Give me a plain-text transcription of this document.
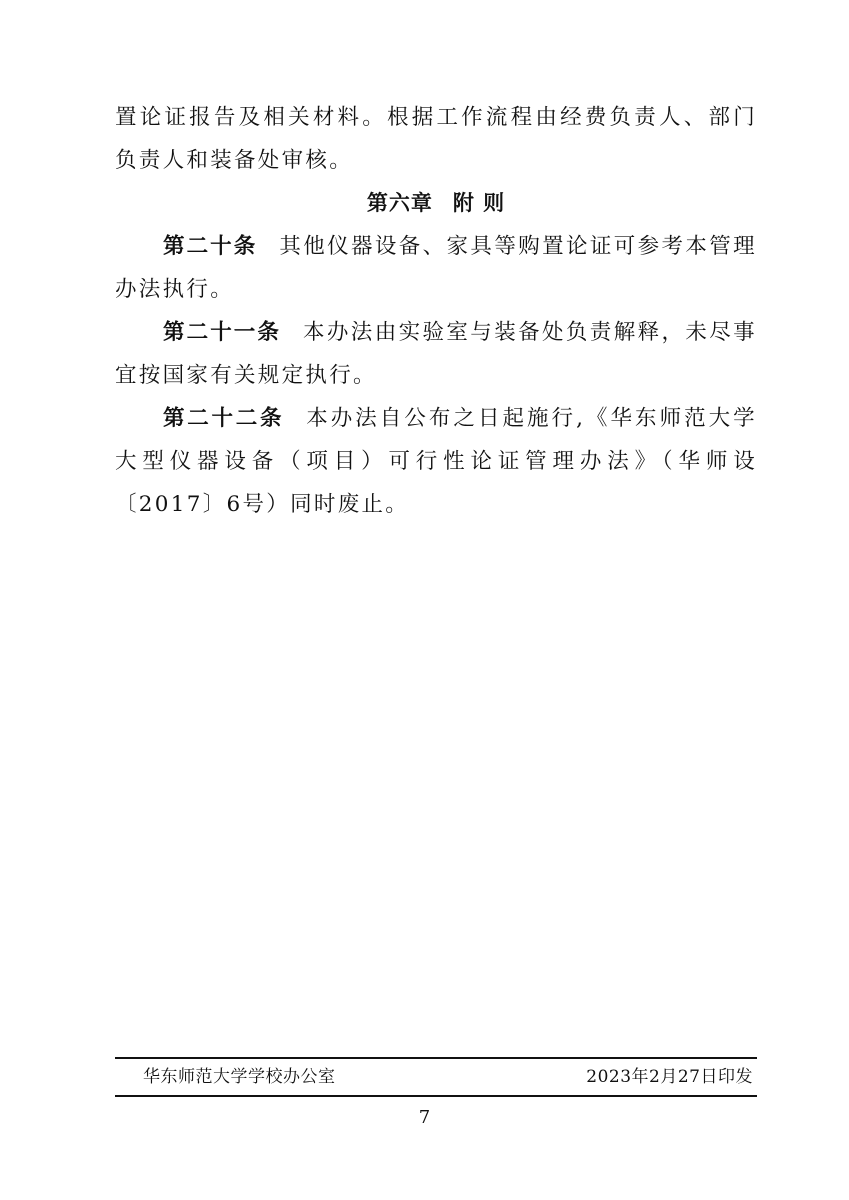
置论证报告及相关材料。根据工作流程由经费负责人、部门负责人和装备处审核。

第六章 附 则

第二十条 其他仪器设备、家具等购置论证可参考本管理办法执行。

第二十一条 本办法由实验室与装备处负责解释，未尽事宜按国家有关规定执行。

第二十二条 本办法自公布之日起施行,《华东师范大学大型仪器设备（项目）可行性论证管理办法》（华师设〔2017〕6号）同时废止。

华东师范大学学校办公室	2023年2月27日印发
7
